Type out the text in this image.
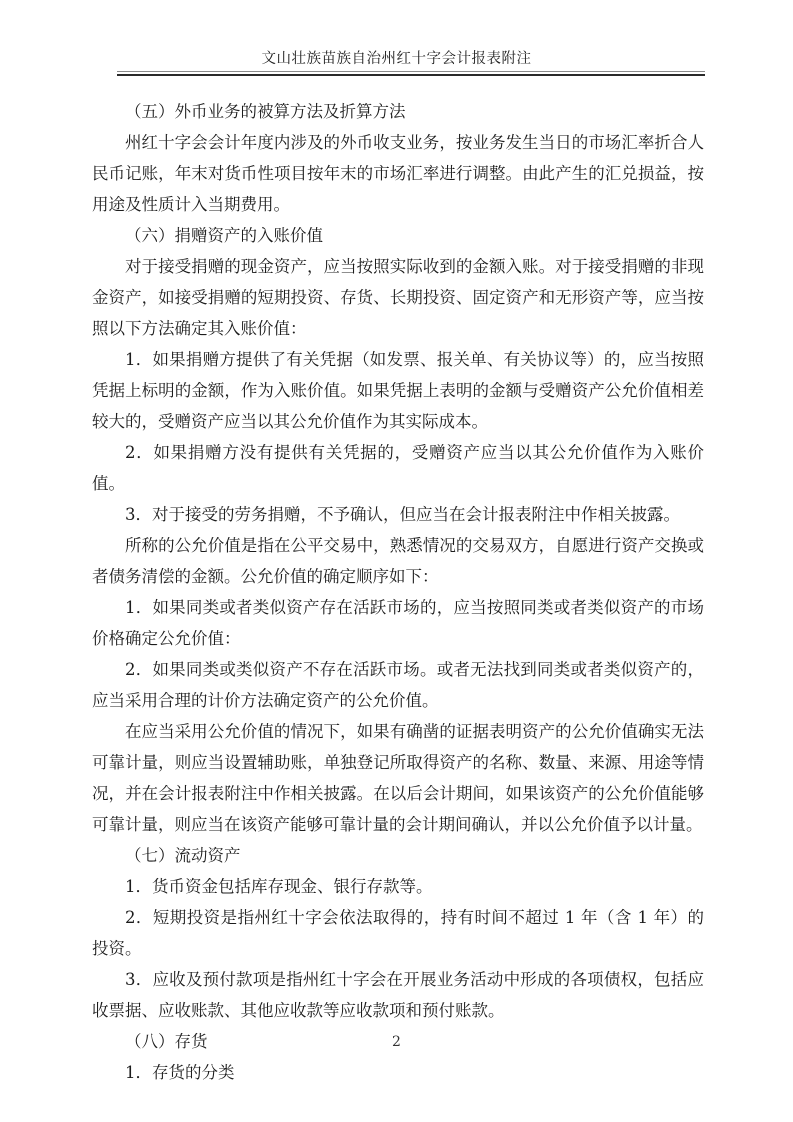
文山壮族苗族自治州红十字会计报表附注

（五）外币业务的被算方法及折算方法

州红十字会会计年度内涉及的外币收支业务，按业务发生当日的市场汇率折合人民币记账，年末对货币性项目按年末的市场汇率进行调整。由此产生的汇兑损益，按用途及性质计入当期费用。

（六）捐赠资产的入账价值

对于接受捐赠的现金资产，应当按照实际收到的金额入账。对于接受捐赠的非现金资产，如接受捐赠的短期投资、存货、长期投资、固定资产和无形资产等，应当按照以下方法确定其入账价值：

1．如果捐赠方提供了有关凭据（如发票、报关单、有关协议等）的，应当按照凭据上标明的金额，作为入账价值。如果凭据上表明的金额与受赠资产公允价值相差较大的，受赠资产应当以其公允价值作为其实际成本。

2．如果捐赠方没有提供有关凭据的，受赠资产应当以其公允价值作为入账价值。

3．对于接受的劳务捐赠，不予确认，但应当在会计报表附注中作相关披露。

所称的公允价值是指在公平交易中，熟悉情况的交易双方，自愿进行资产交换或者债务清偿的金额。公允价值的确定顺序如下：

1．如果同类或者类似资产存在活跃市场的，应当按照同类或者类似资产的市场价格确定公允价值：

2．如果同类或类似资产不存在活跃市场。或者无法找到同类或者类似资产的，应当采用合理的计价方法确定资产的公允价值。

在应当采用公允价值的情况下，如果有确凿的证据表明资产的公允价值确实无法可靠计量，则应当设置辅助账，单独登记所取得资产的名称、数量、来源、用途等情况，并在会计报表附注中作相关披露。在以后会计期间，如果该资产的公允价值能够可靠计量，则应当在该资产能够可靠计量的会计期间确认，并以公允价值予以计量。

（七）流动资产

1．货币资金包括库存现金、银行存款等。

2．短期投资是指州红十字会依法取得的，持有时间不超过 1 年（含 1 年）的投资。

3．应收及预付款项是指州红十字会在开展业务活动中形成的各项债权，包括应收票据、应收账款、其他应收款等应收款项和预付账款。

（八）存货

1．存货的分类

2
